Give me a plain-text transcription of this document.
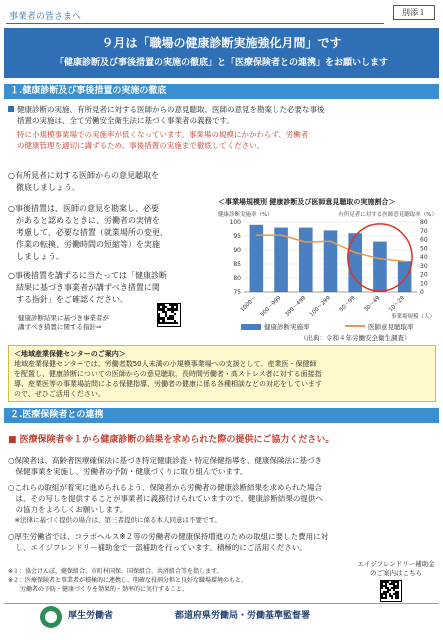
事業者の皆さまへ	別添１
９月は「職場の健康診断実施強化月間」です
「健康診断及び事後措置の実施の徹底」と「医療保険者との連携」をお願いします
１.健康診断及び事後措置の実施の徹底
健康診断の実施、有所見者に対する医師からの意見聴取、医師の意見を勘案した必要な事後
措置の実施は、全て労働安全衛生法に基づく事業者の義務です。
特に小規模事業場での実施率が低くなっています。事業場の規模にかかわらず、労働者
の健康管理を適切に講ずるため、事後措置の実施まで徹底してください。
○有所見者に対する医師からの意見聴取を
　徹底しましょう。
○事後措置は、医師の意見を勘案し、必要
　があると認めるときに、労働者の実情を
　考慮して、必要な措置（就業場所の変更、
　作業の転換、労働時間の短縮等）を実施
　しましょう。
○事後措置を講ずるに当たっては「健康診断
　結果に基づき事業者が講ずべき措置に関
　する指針」をご確認ください。
健康診断結果に基づき事業者が
講ずべき措置に関する指針⇒
＜事業場規模別 健康診断及び医師意見聴取の実施割合＞
健康診断実施率（%）	有所見者に対する医師意見聴取率（%）
75
80
85
90
95
100
0
10
20
30
40
50
60
70
80
1000〜 500〜999 300〜499 100〜299 50〜99 30〜49 10〜29
事業場規模（人）
健康診断実施率	医師意見聴取率
（出典：令和４年労働安全衛生調査）
＜地域産業保健センターのご案内＞
地域産業保健センターでは、労働者数50人未満の小規模事業場への支援として、産業医・保健師
を配置し、健康診断についての医師からの意見聴取、長時間労働者・高ストレス者に対する面接指
導、産業医等の事業場訪問による保健指導、労働者の健康に係る各種相談などの対応をしています
ので、ぜひご活用ください。
２.医療保険者との連携
■ 医療保険者※１から健康診断の結果を求められた際の提供にご協力ください。
○保険者は、高齢者医療確保法に基づき特定健康診査・特定保健指導を、健康保険法に基づき
　保健事業を実施し、労働者の予防・健康づくりに取り組んでいます。
○これらの取組が着実に進められるよう、保険者から労働者の健康診断結果を求められた場合
　は、その写しを提供することが事業者に義務付けられていますので、健康診断結果の提供へ
　の協力をよろしくお願いします。
　※法律に基づく提供の場合は、第三者提供に係る本人同意は不要です。
○厚生労働省では、コラボヘルス※２等の労働者の健康保持増進のための取組に要した費用に対
　し、エイジフレンドリー補助金で一部補助を行っています。積極的にご活用ください。
※１：協会けんぽ、健保組合、市町村国保、国保組合、共済組合等を指します。
※２：医療保険者と事業者が積極的に連携し、明確な役割分担と良好な職場環境のもと、
　　労働者の予防・健康づくりを効果的・効率的に実行すること。
エイジフレンドリー補助金
のご案内はこちら
厚生労働省	都道府県労働局・労働基準監督署
